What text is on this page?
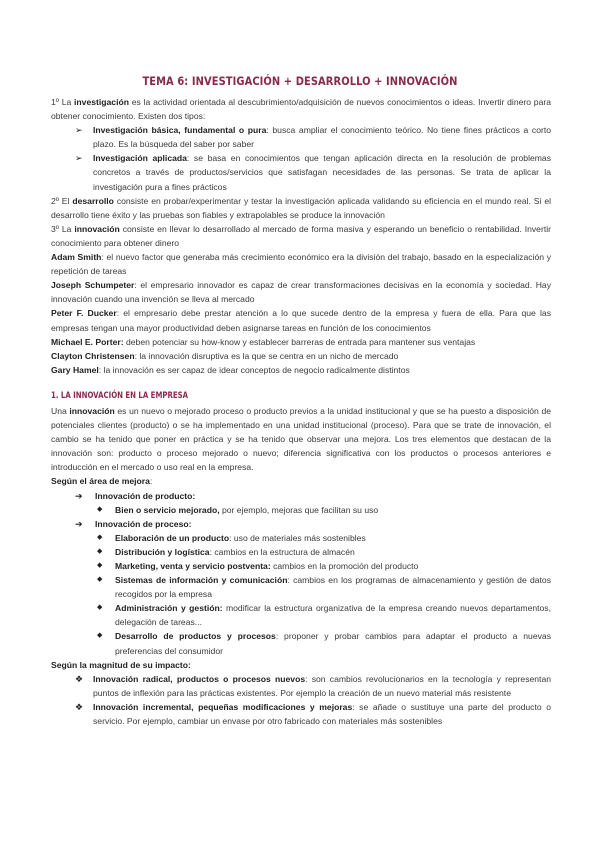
TEMA 6: INVESTIGACIÓN + DESARROLLO + INNOVACIÓN

1º La investigación es la actividad orientada al descubrimiento/adquisición de nuevos conocimientos o ideas. Invertir dinero para obtener conocimiento. Existen dos tipos:

➢	Investigación básica, fundamental o pura: busca ampliar el conocimiento teórico. No tiene fines prácticos a corto plazo. Es la búsqueda del saber por saber
➢	Investigación aplicada: se basa en conocimientos que tengan aplicación directa en la resolución de problemas concretos a través de productos/servicios que satisfagan necesidades de las personas. Se trata de aplicar la investigación pura a fines prácticos

2º El desarrollo consiste en probar/experimentar y testar la investigación aplicada validando su eficiencia en el mundo real. Si el desarrollo tiene éxito y las pruebas son fiables y extrapolables se produce la innovación

3º La innovación consiste en llevar lo desarrollado al mercado de forma masiva y esperando un beneficio o rentabilidad. Invertir conocimiento para obtener dinero

Adam Smith: el nuevo factor que generaba más crecimiento económico era la división del trabajo, basado en la especialización y repetición de tareas

Joseph Schumpeter: el empresario innovador es capaz de crear transformaciones decisivas en la economía y sociedad. Hay innovación cuando una invención se lleva al mercado

Peter F. Ducker: el empresario debe prestar atención a lo que sucede dentro de la empresa y fuera de ella. Para que las empresas tengan una mayor productividad deben asignarse tareas en función de los conocimientos

Michael E. Porter: deben potenciar su how-know y establecer barreras de entrada para mantener sus ventajas

Clayton Christensen: la innovación disruptiva es la que se centra en un nicho de mercado

Gary Hamel: la innovación es ser capaz de idear conceptos de negocio radicalmente distintos

1. LA INNOVACIÓN EN LA EMPRESA

Una innovación es un nuevo o mejorado proceso o producto previos a la unidad institucional y que se ha puesto a disposición de potenciales clientes (producto) o se ha implementado en una unidad institucional (proceso). Para que se trate de innovación, el cambio se ha tenido que poner en práctica y se ha tenido que observar una mejora. Los tres elementos que destacan de la innovación son: producto o proceso mejorado o nuevo; diferencia significativa con los productos o procesos anteriores e introducción en el mercado o uso real en la empresa.

Según el área de mejora:

➔	Innovación de producto:
◆	Bien o servicio mejorado, por ejemplo, mejoras que facilitan su uso
➔	Innovación de proceso:
◆	Elaboración de un producto: uso de materiales más sostenibles
◆	Distribución y logística: cambios en la estructura de almacén
◆	Marketing, venta y servicio postventa: cambios en la promoción del producto
◆	Sistemas de información y comunicación: cambios en los programas de almacenamiento y gestión de datos recogidos por la empresa
◆	Administración y gestión: modificar la estructura organizativa de la empresa creando nuevos departamentos, delegación de tareas...
◆	Desarrollo de productos y procesos: proponer y probar cambios para adaptar el producto a nuevas preferencias del consumidor

Según la magnitud de su impacto:

❖	Innovación radical, productos o procesos nuevos: son cambios revolucionarios en la tecnología y representan puntos de inflexión para las prácticas existentes. Por ejemplo la creación de un nuevo material más resistente
❖	Innovación incremental, pequeñas modificaciones y mejoras: se añade o sustituye una parte del producto o servicio. Por ejemplo, cambiar un envase por otro fabricado con materiales más sostenibles
